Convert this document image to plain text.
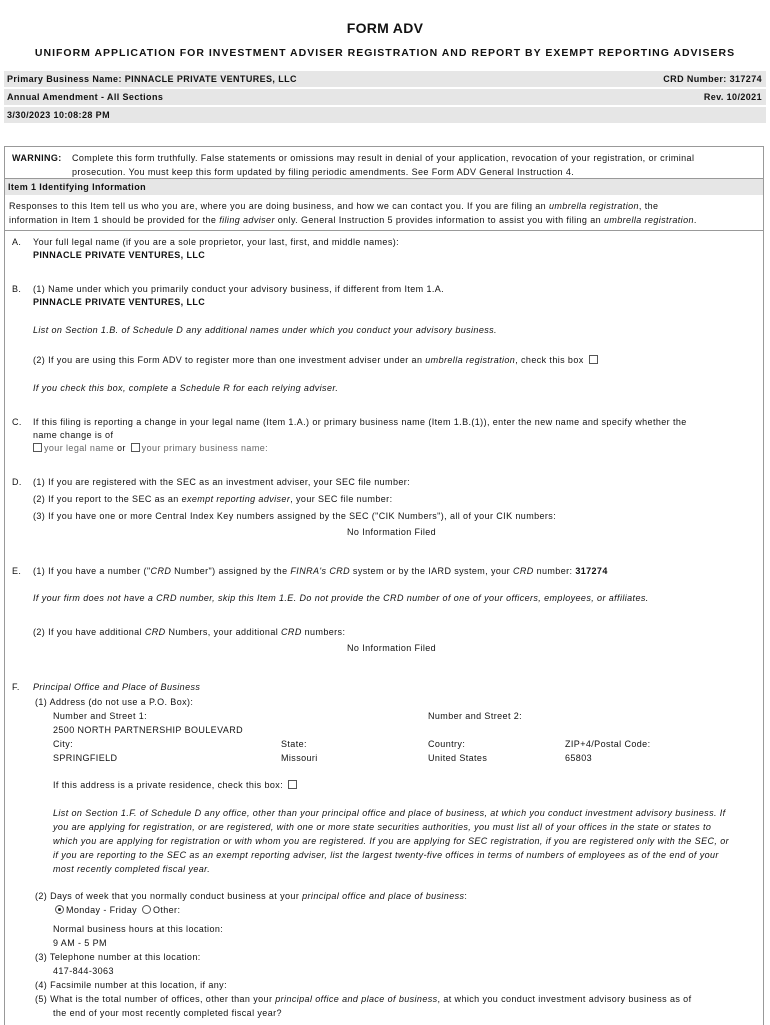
FORM ADV
UNIFORM APPLICATION FOR INVESTMENT ADVISER REGISTRATION AND REPORT BY EXEMPT REPORTING ADVISERS
Primary Business Name: PINNACLE PRIVATE VENTURES, LLC	CRD Number: 317274
Annual Amendment - All Sections	Rev. 10/2021
3/30/2023 10:08:28 PM
WARNING: Complete this form truthfully. False statements or omissions may result in denial of your application, revocation of your registration, or criminal
prosecution. You must keep this form updated by filing periodic amendments. See Form ADV General Instruction 4.
Item 1 Identifying Information
Responses to this Item tell us who you are, where you are doing business, and how we can contact you. If you are filing an umbrella registration, the
information in Item 1 should be provided for the filing adviser only. General Instruction 5 provides information to assist you with filing an umbrella registration.
A. Your full legal name (if you are a sole proprietor, your last, first, and middle names):
PINNACLE PRIVATE VENTURES, LLC
B. (1) Name under which you primarily conduct your advisory business, if different from Item 1.A.
PINNACLE PRIVATE VENTURES, LLC
List on Section 1.B. of Schedule D any additional names under which you conduct your advisory business.
(2) If you are using this Form ADV to register more than one investment adviser under an umbrella registration, check this box
If you check this box, complete a Schedule R for each relying adviser.
C. If this filing is reporting a change in your legal name (Item 1.A.) or primary business name (Item 1.B.(1)), enter the new name and specify whether the
name change is of
your legal name or your primary business name:
D. (1) If you are registered with the SEC as an investment adviser, your SEC file number:
(2) If you report to the SEC as an exempt reporting adviser, your SEC file number:
(3) If you have one or more Central Index Key numbers assigned by the SEC ("CIK Numbers"), all of your CIK numbers:
No Information Filed
E. (1) If you have a number ("CRD Number") assigned by the FINRA's CRD system or by the IARD system, your CRD number: 317274
If your firm does not have a CRD number, skip this Item 1.E. Do not provide the CRD number of one of your officers, employees, or affiliates.
(2) If you have additional CRD Numbers, your additional CRD numbers:
No Information Filed
F. Principal Office and Place of Business
(1) Address (do not use a P.O. Box):
Number and Street 1:	Number and Street 2:
2500 NORTH PARTNERSHIP BOULEVARD
City:	State:	Country:	ZIP+4/Postal Code:
SPRINGFIELD	Missouri	United States	65803
If this address is a private residence, check this box:
List on Section 1.F. of Schedule D any office, other than your principal office and place of business, at which you conduct investment advisory business. If
you are applying for registration, or are registered, with one or more state securities authorities, you must list all of your offices in the state or states to
which you are applying for registration or with whom you are registered. If you are applying for SEC registration, if you are registered only with the SEC, or
if you are reporting to the SEC as an exempt reporting adviser, list the largest twenty-five offices in terms of numbers of employees as of the end of your
most recently completed fiscal year.
(2) Days of week that you normally conduct business at your principal office and place of business:
Monday - Friday Other:
Normal business hours at this location:
9 AM - 5 PM
(3) Telephone number at this location:
417-844-3063
(4) Facsimile number at this location, if any:
(5) What is the total number of offices, other than your principal office and place of business, at which you conduct investment advisory business as of
the end of your most recently completed fiscal year?
